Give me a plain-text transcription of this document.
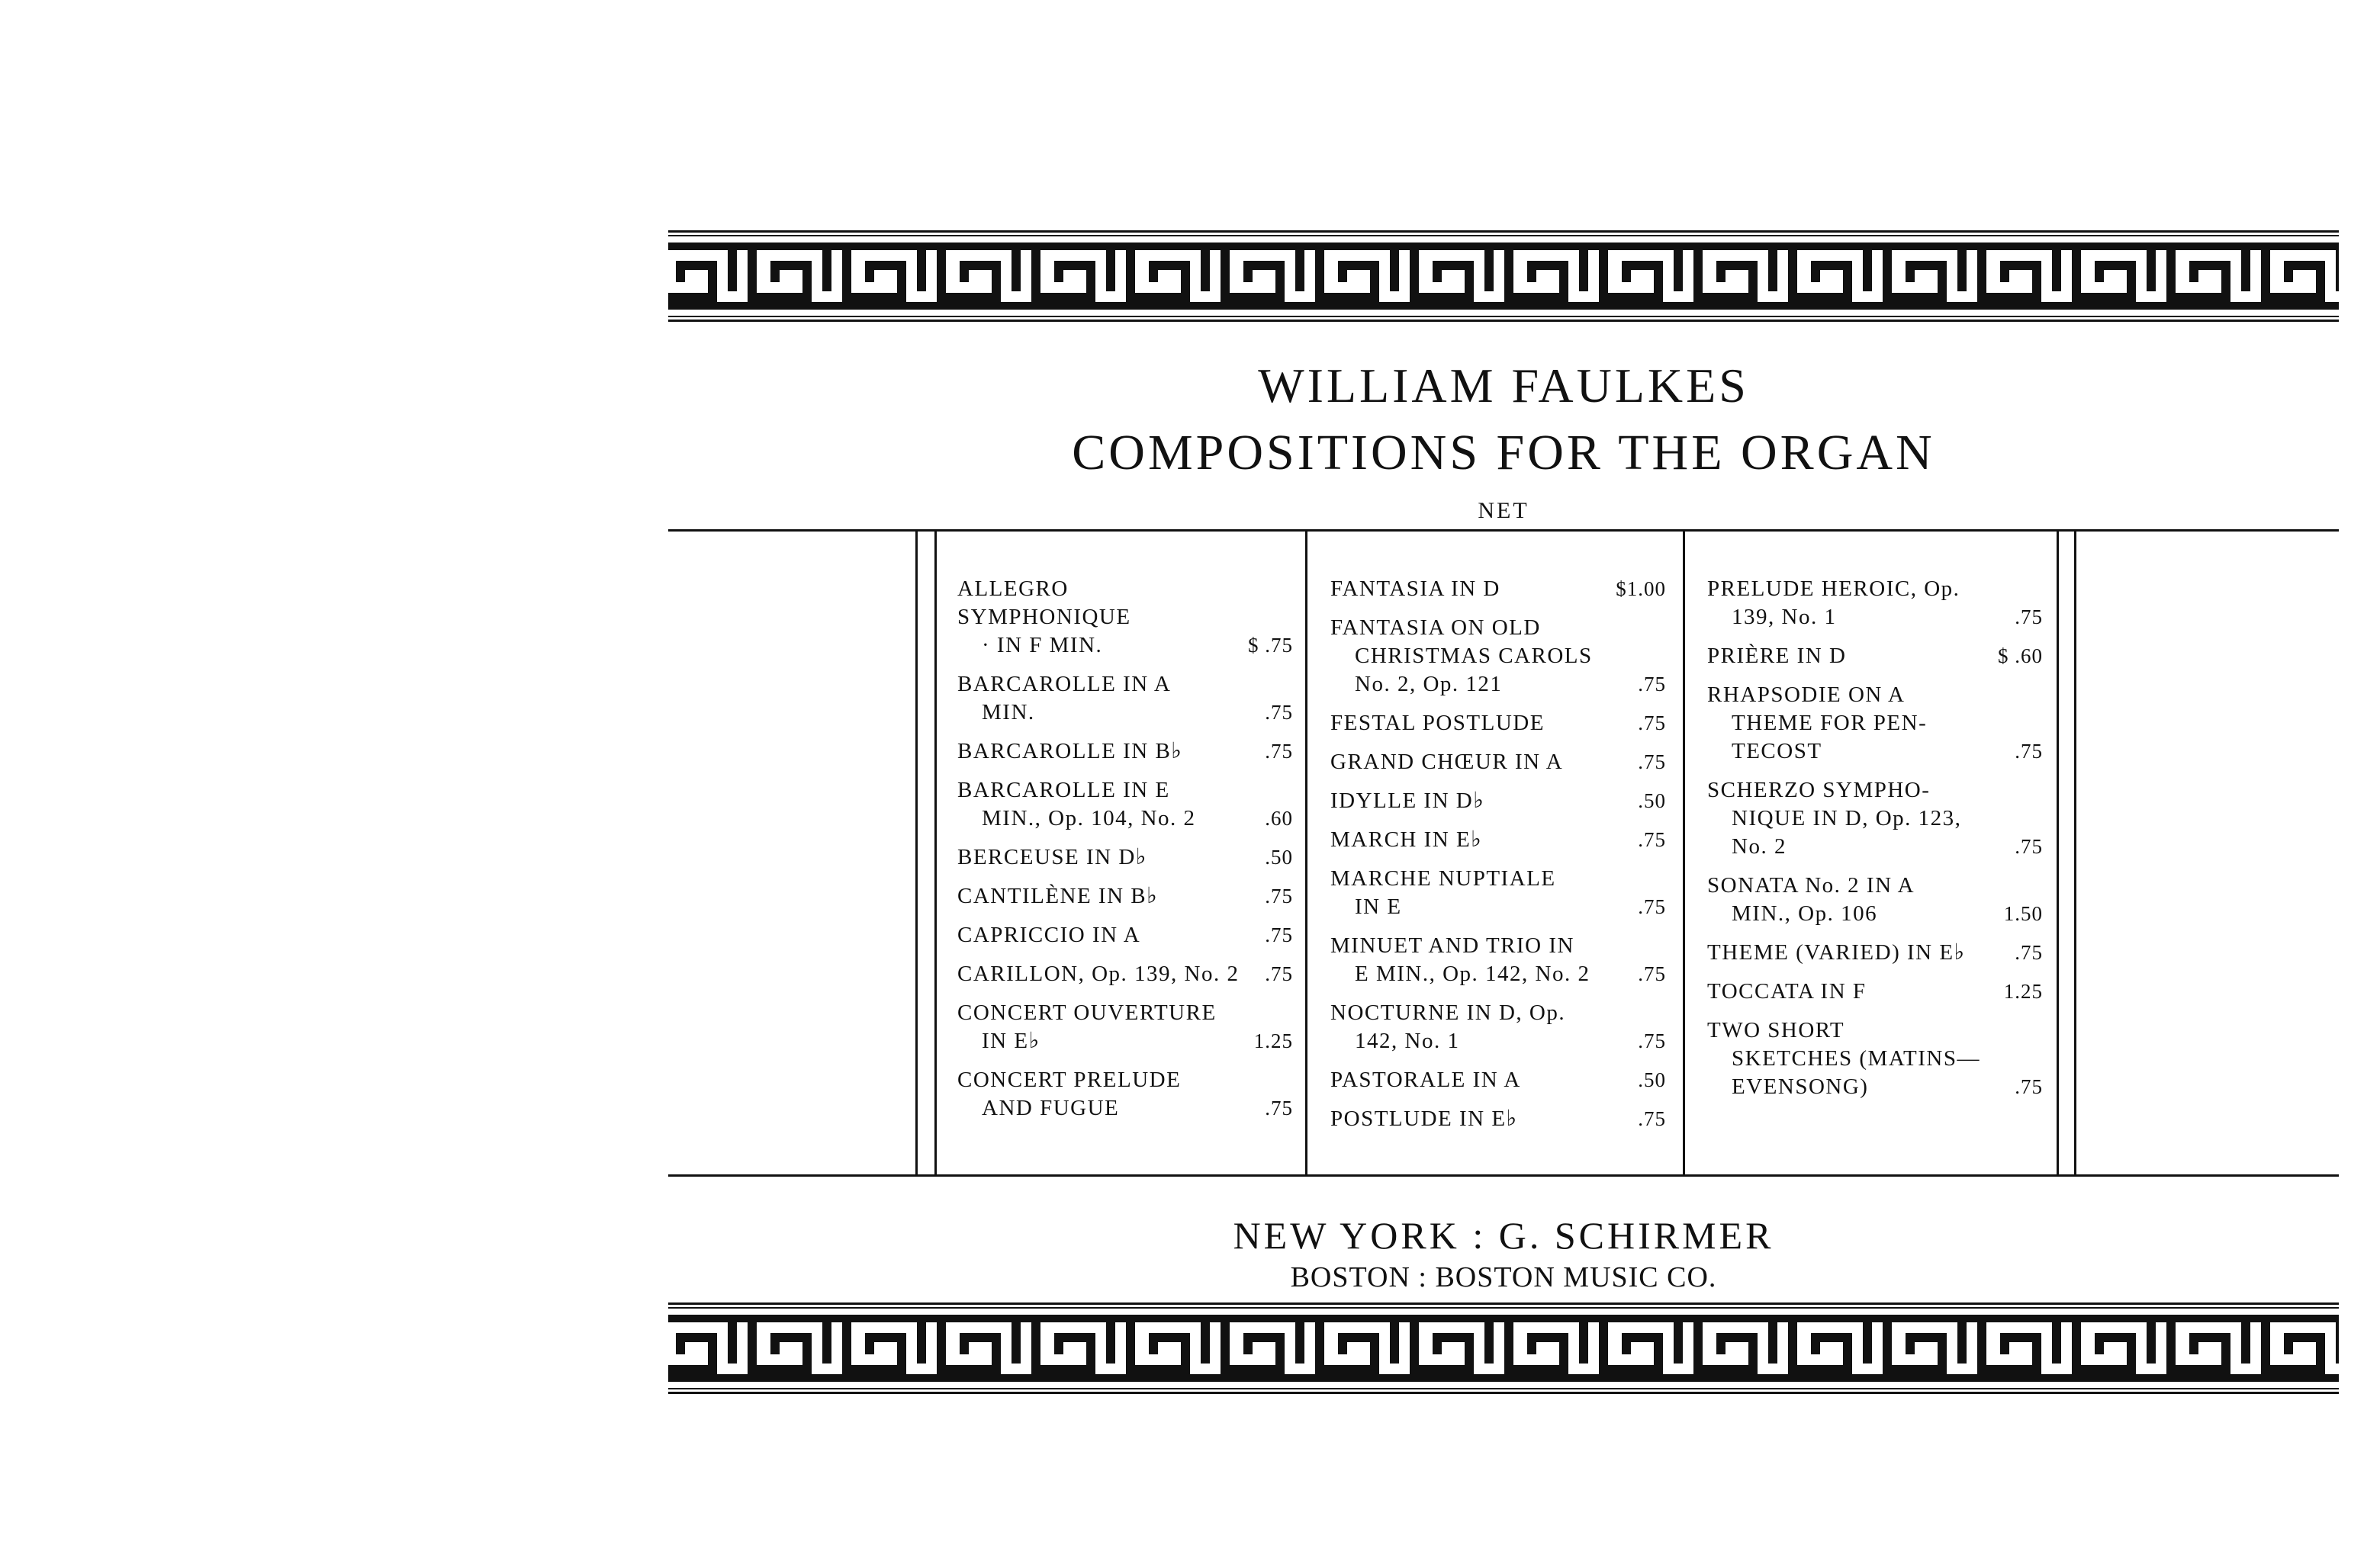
WILLIAM FAULKES
COMPOSITIONS FOR THE ORGAN
NET
ALLEGRO SYMPHONIQUE
· IN F MIN.	$ .75
BARCAROLLE IN A
MIN.	.75
BARCAROLLE IN B♭	.75
BARCAROLLE IN E
MIN., Op. 104, No. 2	.60
BERCEUSE IN D♭	.50
CANTILÈNE IN B♭	.75
CAPRICCIO IN A	.75
CARILLON, Op. 139, No. 2 .75
CONCERT OUVERTURE
IN E♭	1.25
CONCERT PRELUDE
AND FUGUE	.75
FANTASIA IN D	$1.00
FANTASIA ON OLD
CHRISTMAS CAROLS
No. 2, Op. 121	.75
FESTAL POSTLUDE	.75
GRAND CHŒUR IN A	.75
IDYLLE IN D♭	.50
MARCH IN E♭	.75
MARCHE NUPTIALE
IN E	.75
MINUET AND TRIO IN
E MIN., Op. 142, No. 2	.75
NOCTURNE IN D, Op.
142, No. 1	.75
PASTORALE IN A	.50
POSTLUDE IN E♭	.75
PRELUDE HEROIC, Op.
139, No. 1	.75
PRIÈRE IN D	$ .60
RHAPSODIE ON A
THEME FOR PEN-
TECOST	.75
SCHERZO SYMPHO-
NIQUE IN D, Op. 123,
No. 2	.75
SONATA No. 2 IN A
MIN., Op. 106	1.50
THEME (VARIED) IN E♭	.75
TOCCATA IN F	1.25
TWO SHORT
SKETCHES (MATINS—
EVENSONG)	.75
NEW YORK : G. SCHIRMER
BOSTON : BOSTON MUSIC CO.
